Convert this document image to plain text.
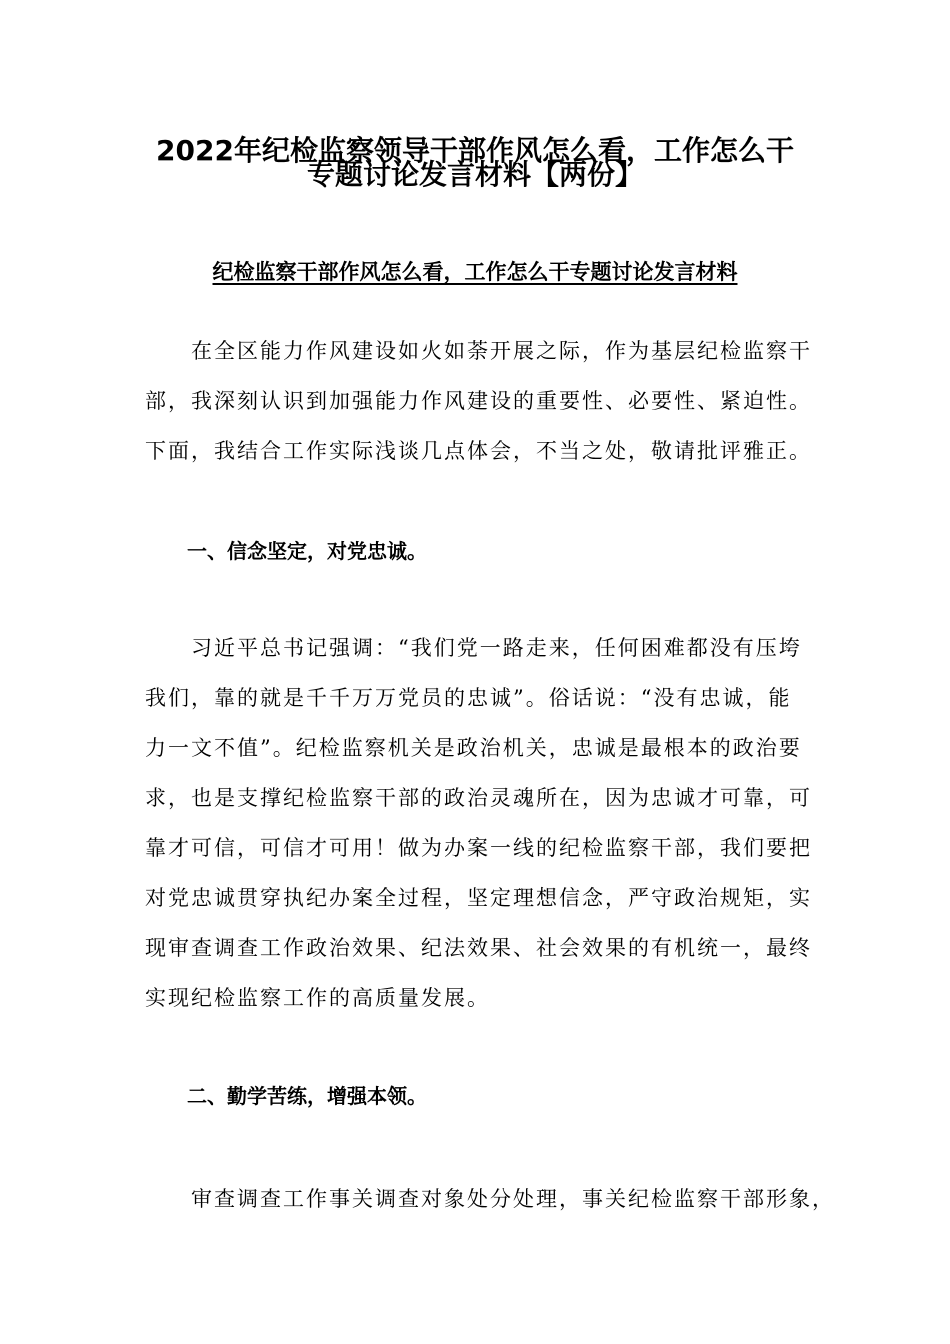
2022年纪检监察领导干部作风怎么看，工作怎么干
专题讨论发言材料【两份】
纪检监察干部作风怎么看，工作怎么干专题讨论发言材料
　　在全区能力作风建设如火如荼开展之际，作为基层纪检监察干
部，我深刻认识到加强能力作风建设的重要性、必要性、紧迫性。
下面，我结合工作实际浅谈几点体会，不当之处，敬请批评雅正。
一、信念坚定，对党忠诚。
　　习近平总书记强调：“我们党一路走来，任何困难都没有压垮
我们，靠的就是千千万万党员的忠诚”。俗话说：“没有忠诚，能
力一文不值”。纪检监察机关是政治机关，忠诚是最根本的政治要
求，也是支撑纪检监察干部的政治灵魂所在，因为忠诚才可靠，可
靠才可信，可信才可用！做为办案一线的纪检监察干部，我们要把
对党忠诚贯穿执纪办案全过程，坚定理想信念，严守政治规矩，实
现审查调查工作政治效果、纪法效果、社会效果的有机统一，最终
实现纪检监察工作的高质量发展。
二、勤学苦练，增强本领。
　　审查调查工作事关调查对象处分处理，事关纪检监察干部形象，
